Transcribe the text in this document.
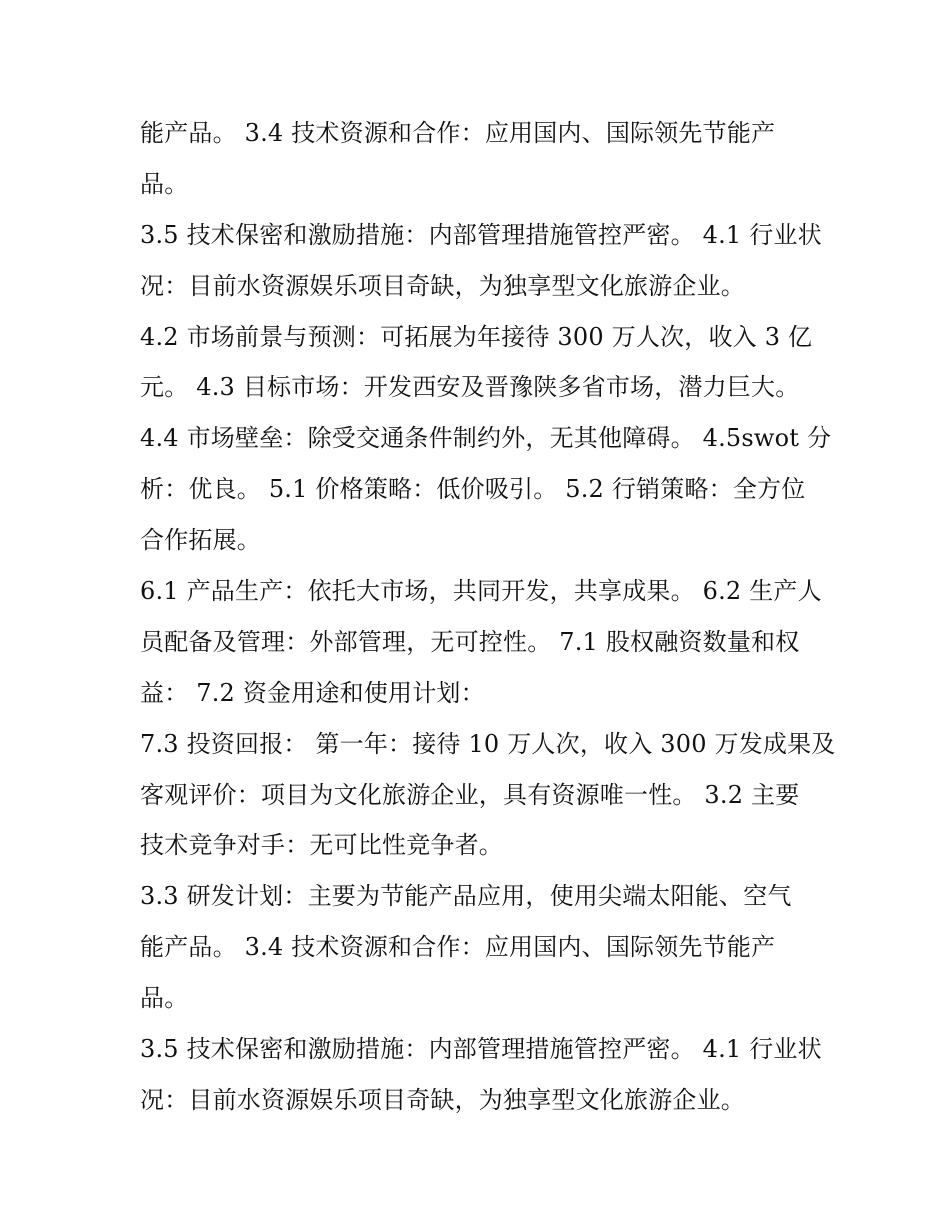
能产品。 3.4 技术资源和合作：应用国内、国际领先节能产
品。
3.5 技术保密和激励措施：内部管理措施管控严密。 4.1 行业状
况：目前水资源娱乐项目奇缺，为独享型文化旅游企业。
4.2 市场前景与预测：可拓展为年接待 300 万人次，收入 3 亿
元。 4.3 目标市场：开发西安及晋豫陕多省市场，潜力巨大。
4.4 市场壁垒：除受交通条件制约外，无其他障碍。 4.5swot 分
析：优良。 5.1 价格策略：低价吸引。 5.2 行销策略：全方位
合作拓展。
6.1 产品生产：依托大市场，共同开发，共享成果。 6.2 生产人
员配备及管理：外部管理，无可控性。 7.1 股权融资数量和权
益： 7.2 资金用途和使用计划：
7.3 投资回报： 第一年：接待 10 万人次，收入 300 万发成果及
客观评价：项目为文化旅游企业，具有资源唯一性。 3.2 主要
技术竞争对手：无可比性竞争者。
3.3 研发计划：主要为节能产品应用，使用尖端太阳能、空气
能产品。 3.4 技术资源和合作：应用国内、国际领先节能产
品。
3.5 技术保密和激励措施：内部管理措施管控严密。 4.1 行业状
况：目前水资源娱乐项目奇缺，为独享型文化旅游企业。
